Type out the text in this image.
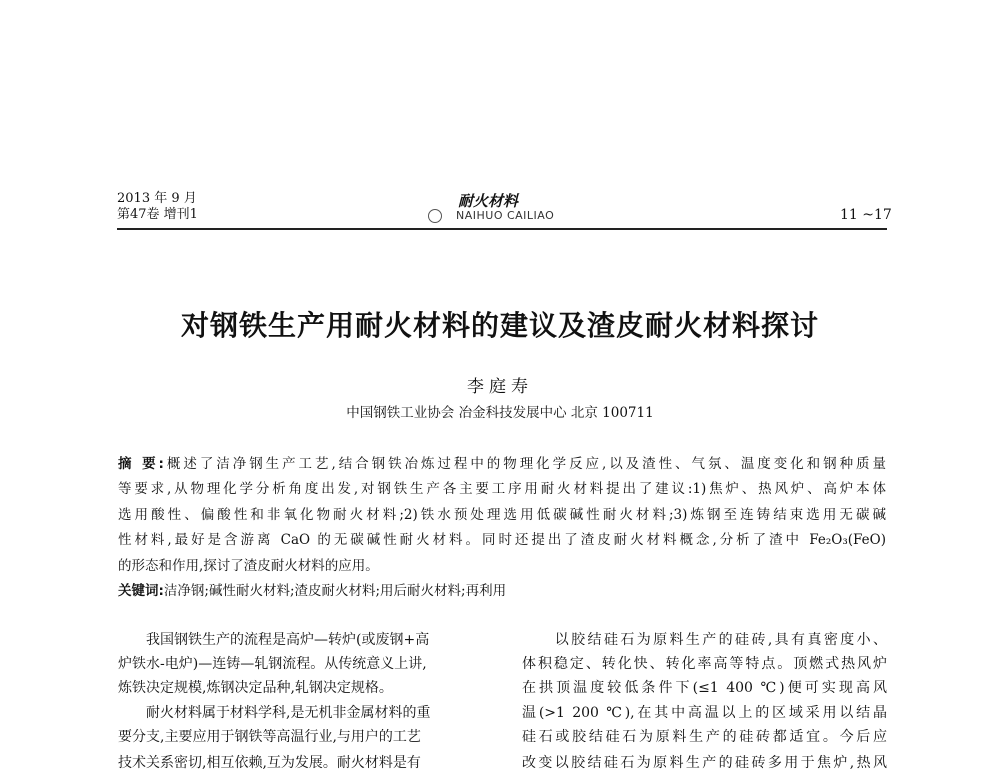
2013 年 9 月
第47卷 增刊1
耐火材料
NAIHUO CAILIAO	11 ~17
对钢铁生产用耐火材料的建议及渣皮耐火材料探讨
李庭寿
中国钢铁工业协会 冶金科技发展中心 北京 100711
摘 要:概述了洁净钢生产工艺,结合钢铁冶炼过程中的物理化学反应,以及渣性、气氛、温度变化和钢种质量
等要求,从物理化学分析角度出发,对钢铁生产各主要工序用耐火材料提出了建议:1)焦炉、热风炉、高炉本体
选用酸性、偏酸性和非氧化物耐火材料;2)铁水预处理选用低碳碱性耐火材料;3)炼钢至连铸结束选用无碳碱
性材料,最好是含游离 CaO 的无碳碱性耐火材料。同时还提出了渣皮耐火材料概念,分析了渣中 Fe₂O₃(FeO)
的形态和作用,探讨了渣皮耐火材料的应用。
关键词:洁净钢;碱性耐火材料;渣皮耐火材料;用后耐火材料;再利用
　　我国钢铁生产的流程是高炉—转炉(或废钢+高
炉铁水-电炉)—连铸—轧钢流程。从传统意义上讲,
炼铁决定规模,炼钢决定品种,轧钢决定规格。
　　耐火材料属于材料学科,是无机非金属材料的重
要分支,主要应用于钢铁等高温行业,与用户的工艺
技术关系密切,相互依赖,互为发展。耐火材料是有
　　以胶结硅石为原料生产的硅砖,具有真密度小、
体积稳定、转化快、转化率高等特点。顶燃式热风炉
在拱顶温度较低条件下(≤1 400 ℃)便可实现高风
温(>1 200 ℃),在其中高温以上的区域采用以结晶
硅石或胶结硅石为原料生产的硅砖都适宜。今后应
改变以胶结硅石为原料生产的硅砖多用于焦炉,热风
